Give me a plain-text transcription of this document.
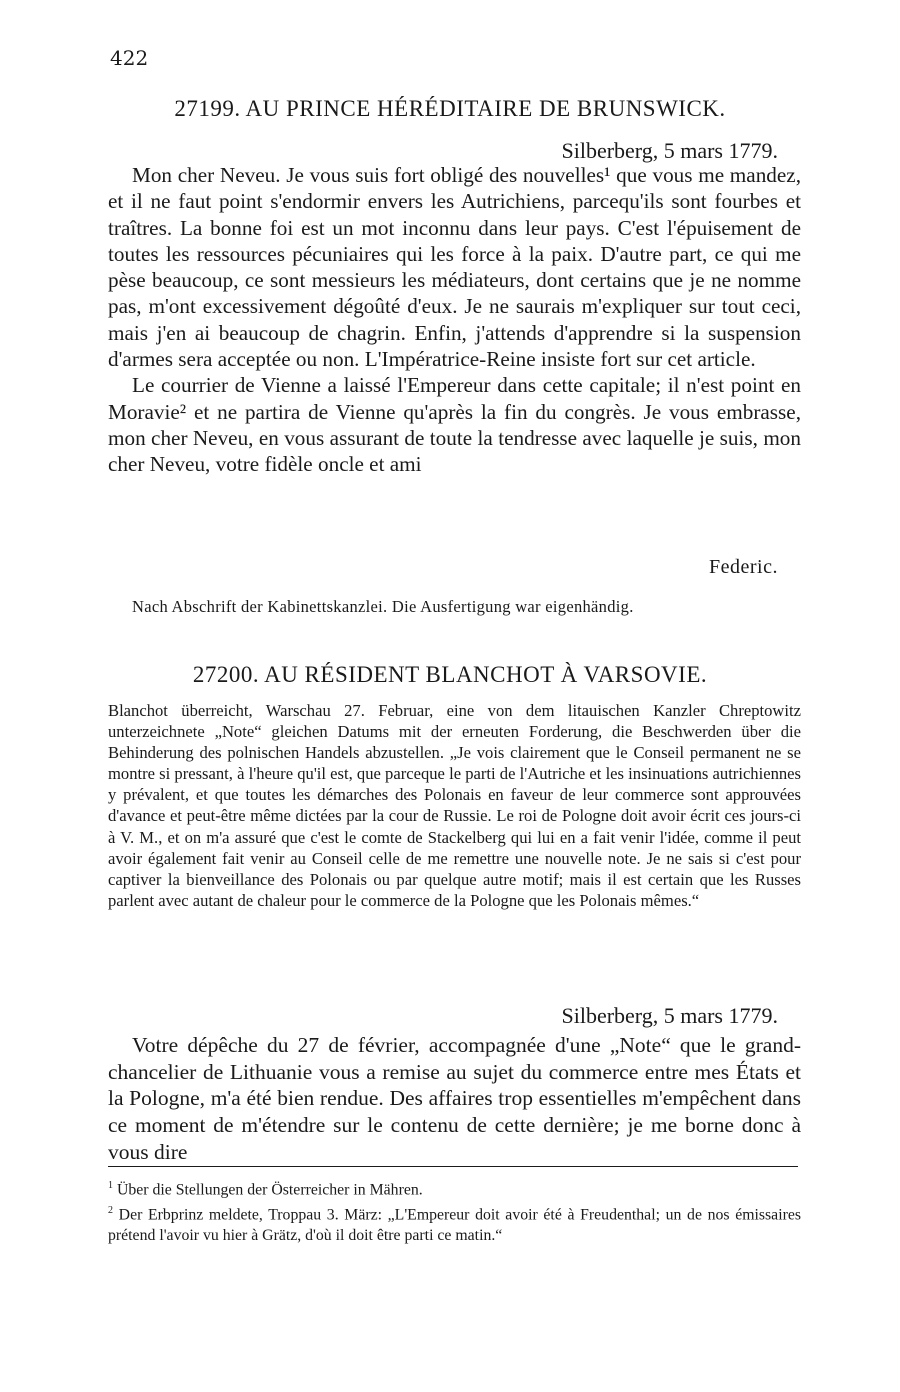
422
27199. AU PRINCE HÉRÉDITAIRE DE BRUNSWICK.
Silberberg, 5 mars 1779.

Mon cher Neveu. Je vous suis fort obligé des nouvelles¹ que vous me mandez, et il ne faut point s'endormir envers les Autrichiens, parcequ'ils sont fourbes et traîtres. La bonne foi est un mot inconnu dans leur pays. C'est l'épuisement de toutes les ressources pécuniaires qui les force à la paix. D'autre part, ce qui me pèse beaucoup, ce sont messieurs les médiateurs, dont certains que je ne nomme pas, m'ont excessivement dégoûté d'eux. Je ne saurais m'expliquer sur tout ceci, mais j'en ai beaucoup de chagrin. Enfin, j'attends d'apprendre si la suspension d'armes sera acceptée ou non. L'Impératrice-Reine insiste fort sur cet article.

Le courrier de Vienne a laissé l'Empereur dans cette capitale; il n'est point en Moravie² et ne partira de Vienne qu'après la fin du congrès. Je vous embrasse, mon cher Neveu, en vous assurant de toute la tendresse avec laquelle je suis, mon cher Neveu, votre fidèle oncle et ami

Federic.
Nach Abschrift der Kabinettskanzlei. Die Ausfertigung war eigenhändig.
27200. AU RÉSIDENT BLANCHOT À VARSOVIE.

Blanchot überreicht, Warschau 27. Februar, eine von dem litauischen Kanzler Chreptowitz unterzeichnete „Note“ gleichen Datums mit der erneuten Forderung, die Beschwerden über die Behinderung des polnischen Handels abzustellen. „Je vois clairement que le Conseil permanent ne se montre si pressant, à l'heure qu'il est, que parceque le parti de l'Autriche et les insinuations autrichiennes y prévalent, et que toutes les démarches des Polonais en faveur de leur commerce sont approuvées d'avance et peut-être même dictées par la cour de Russie. Le roi de Pologne doit avoir écrit ces jours-ci à V. M., et on m'a assuré que c'est le comte de Stackelberg qui lui en a fait venir l'idée, comme il peut avoir également fait venir au Conseil celle de me remettre une nouvelle note. Je ne sais si c'est pour captiver la bienveillance des Polonais ou par quelque autre motif; mais il est certain que les Russes parlent avec autant de chaleur pour le commerce de la Pologne que les Polonais mêmes.“

Silberberg, 5 mars 1779.

Votre dépêche du 27 de février, accompagnée d'une „Note“ que le grand-chancelier de Lithuanie vous a remise au sujet du commerce entre mes États et la Pologne, m'a été bien rendue. Des affaires trop essentielles m'empêchent dans ce moment de m'étendre sur le contenu de cette dernière; je me borne donc à vous dire

$^1$ Über die Stellungen der Österreicher in Mähren.

$^2$ Der Erbprinz meldete, Troppau 3. März: „L'Empereur doit avoir été à Freudenthal; un de nos émissaires prétend l'avoir vu hier à Grätz, d'où il doit être parti ce matin.“
